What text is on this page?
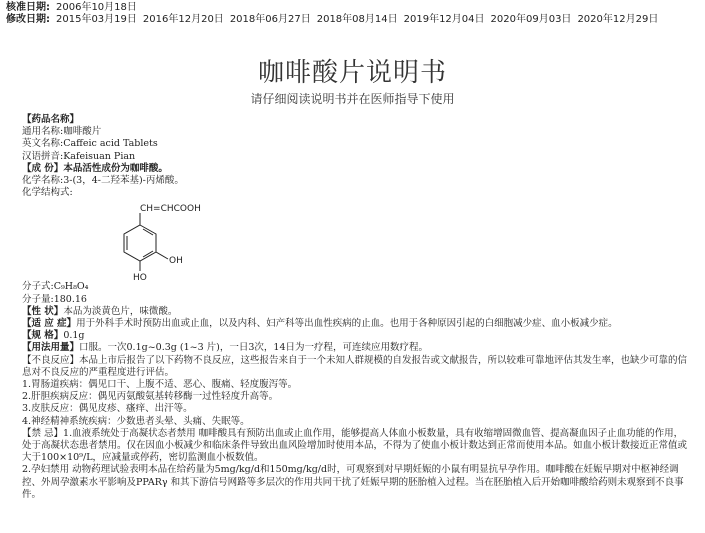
核准日期: 2006年10月18日
修改日期: 2015年03月19日 2016年12月20日 2018年06月27日 2018年08月14日 2019年12月04日 2020年09月03日 2020年12月29日
咖啡酸片说明书
请仔细阅读说明书并在医师指导下使用
【药品名称】
通用名称:咖啡酸片
英文名称:Caffeic acid Tablets
汉语拼音:Kafeisuan Pian
【成 份】本品活性成份为咖啡酸。
化学名称:3-(3，4-二羟苯基)-丙烯酸。
化学结构式:
CH=CHCOOH
OH
HO
分子式:C₉H₈O₄
分子量:180.16
【性 状】本品为淡黄色片，味微酸。
【适 应 症】用于外科手术时预防出血或止血，以及内科、妇产科等出血性疾病的止血。也用于各种原因引起的白细胞减少症、血小板减少症。
【规 格】0.1g
【用法用量】口服。一次0.1g~0.3g (1~3 片)，一日3次，14日为一疗程，可连续应用数疗程。
【不良反应】本品上市后报告了以下药物不良反应，这些报告来自于一个未知人群规模的自发报告或文献报告，所以较难可靠地评估其发生率，也缺少可靠的信息对不良反应的严重程度进行评估。
1.胃肠道疾病：偶见口干、上腹不适、恶心、腹痛、轻度腹泻等。
2.肝胆疾病反应：偶见丙氨酸氨基转移酶一过性轻度升高等。
3.皮肤反应：偶见皮疹、瘙痒、出汗等。
4.神经精神系统疾病：少数患者头晕、头痛、失眠等。
【禁 忌】1.血液系统处于高凝状态者禁用 咖啡酸具有预防出血或止血作用，能够提高人体血小板数量，具有收缩增固微血管、提高凝血因子止血功能的作用，处于高凝状态患者禁用。仅在因血小板减少和临床条件导致出血风险增加时使用本品，不得为了使血小板计数达到正常而使用本品。如血小板计数接近正常值或大于100×10⁹/L，应减量或停药，密切监测血小板数值。
2.孕妇禁用 动物药理试验表明本品在给药量为5mg/kg/d和150mg/kg/d时，可观察到对早期妊娠的小鼠有明显抗早孕作用。咖啡酸在妊娠早期对中枢神经调控、外周孕激素水平影响及PPARγ 和其下游信号网路等多层次的作用共同干扰了妊娠早期的胚胎植入过程。当在胚胎植入后开始咖啡酸给药则未观察到不良事件。
